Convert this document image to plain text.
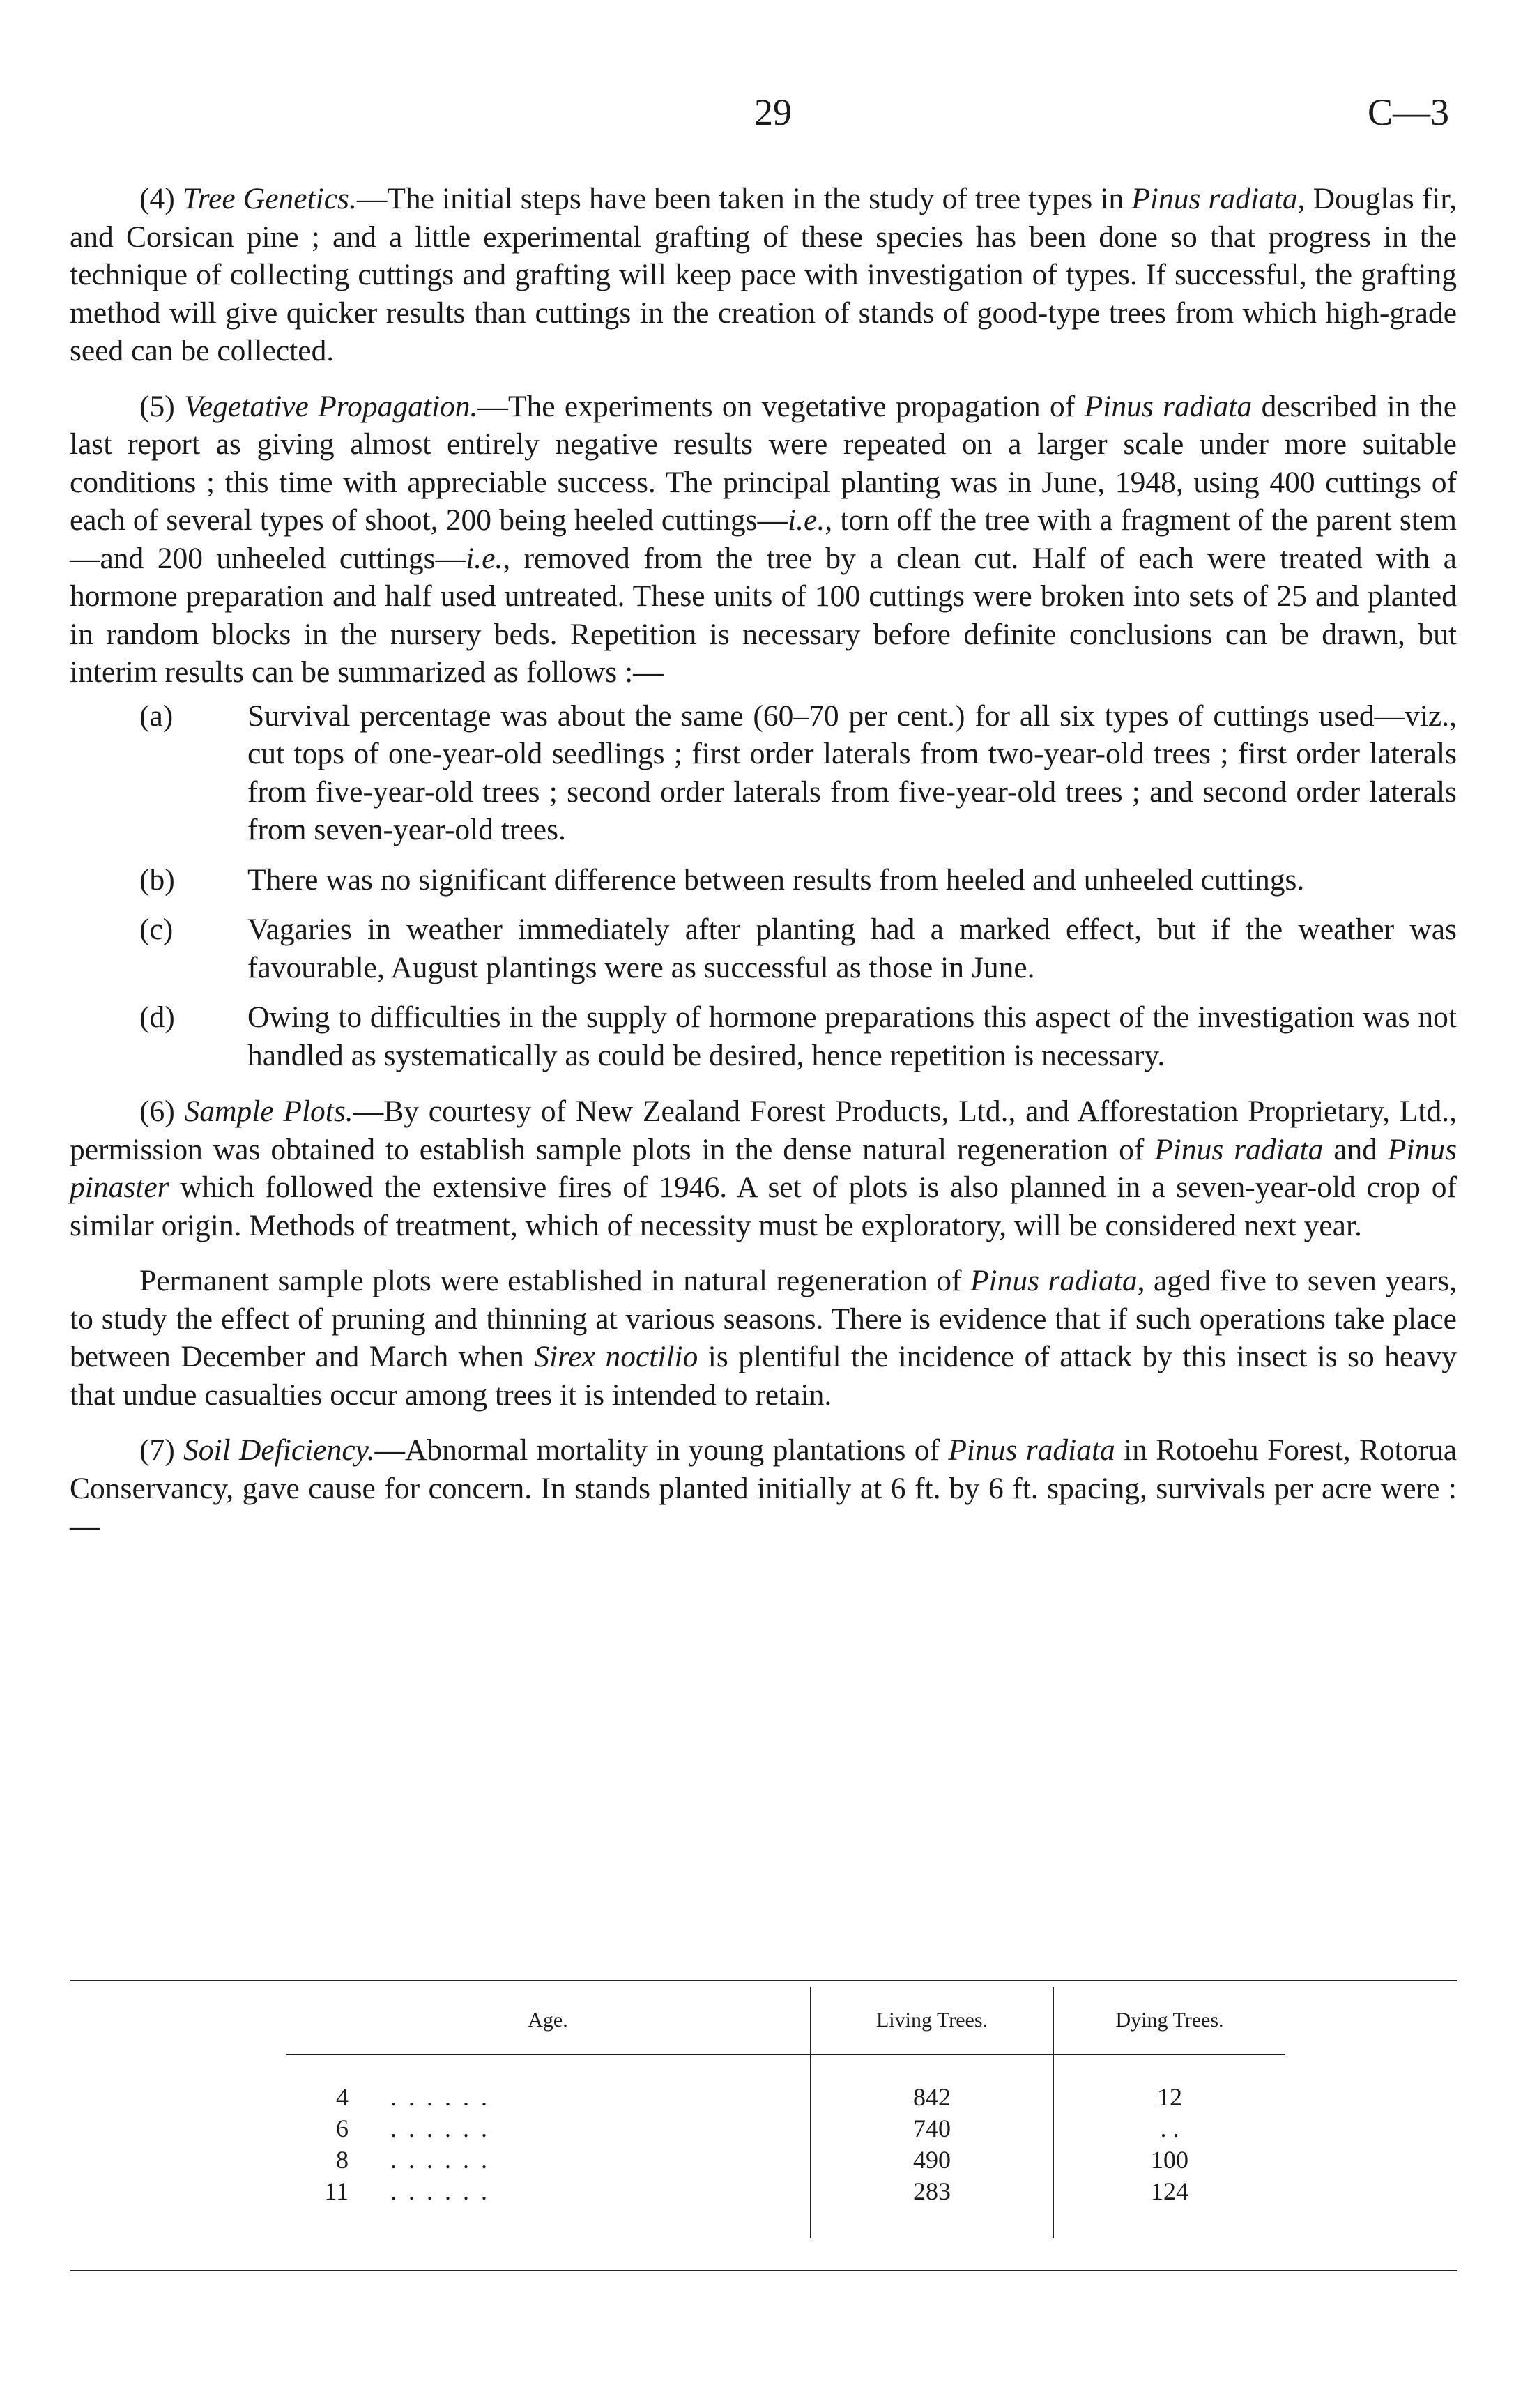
29	C—3

(4) Tree Genetics.—The initial steps have been taken in the study of tree types in Pinus radiata, Douglas fir, and Corsican pine ; and a little experimental grafting of these species has been done so that progress in the technique of collecting cuttings and grafting will keep pace with investigation of types. If successful, the grafting method will give quicker results than cuttings in the creation of stands of good-type trees from which high-grade seed can be collected.

(5) Vegetative Propagation.—The experiments on vegetative propagation of Pinus radiata described in the last report as giving almost entirely negative results were repeated on a larger scale under more suitable conditions ; this time with appreciable success. The principal planting was in June, 1948, using 400 cuttings of each of several types of shoot, 200 being heeled cuttings—i.e., torn off the tree with a fragment of the parent stem—and 200 unheeled cuttings—i.e., removed from the tree by a clean cut. Half of each were treated with a hormone preparation and half used untreated. These units of 100 cuttings were broken into sets of 25 and planted in random blocks in the nursery beds. Repetition is necessary before definite conclusions can be drawn, but interim results can be summarized as follows :—

(a) Survival percentage was about the same (60–70 per cent.) for all six types of cuttings used—viz., cut tops of one-year-old seedlings ; first order laterals from two-year-old trees ; first order laterals from five-year-old trees ; second order laterals from five-year-old trees ; and second order laterals from seven-year-old trees.
(b) There was no significant difference between results from heeled and unheeled cuttings.
(c) Vagaries in weather immediately after planting had a marked effect, but if the weather was favourable, August plantings were as successful as those in June.
(d) Owing to difficulties in the supply of hormone preparations this aspect of the investigation was not handled as systematically as could be desired, hence repetition is necessary.

(6) Sample Plots.—By courtesy of New Zealand Forest Products, Ltd., and Afforestation Proprietary, Ltd., permission was obtained to establish sample plots in the dense natural regeneration of Pinus radiata and Pinus pinaster which followed the extensive fires of 1946. A set of plots is also planned in a seven-year-old crop of similar origin. Methods of treatment, which of necessity must be exploratory, will be considered next year.

Permanent sample plots were established in natural regeneration of Pinus radiata, aged five to seven years, to study the effect of pruning and thinning at various seasons. There is evidence that if such operations take place between December and March when Sirex noctilio is plentiful the incidence of attack by this insect is so heavy that undue casualties occur among trees it is intended to retain.

(7) Soil Deficiency.—Abnormal mortality in young plantations of Pinus radiata in Rotoehu Forest, Rotorua Conservancy, gave cause for concern. In stands planted initially at 6 ft. by 6 ft. spacing, survivals per acre were :—

Age.	Living Trees.	Dying Trees.
4 . . . . . .	842	12
6 . . . . . .	740	. .
8 . . . . . .	490	100
11 . . . . . .	283	124
